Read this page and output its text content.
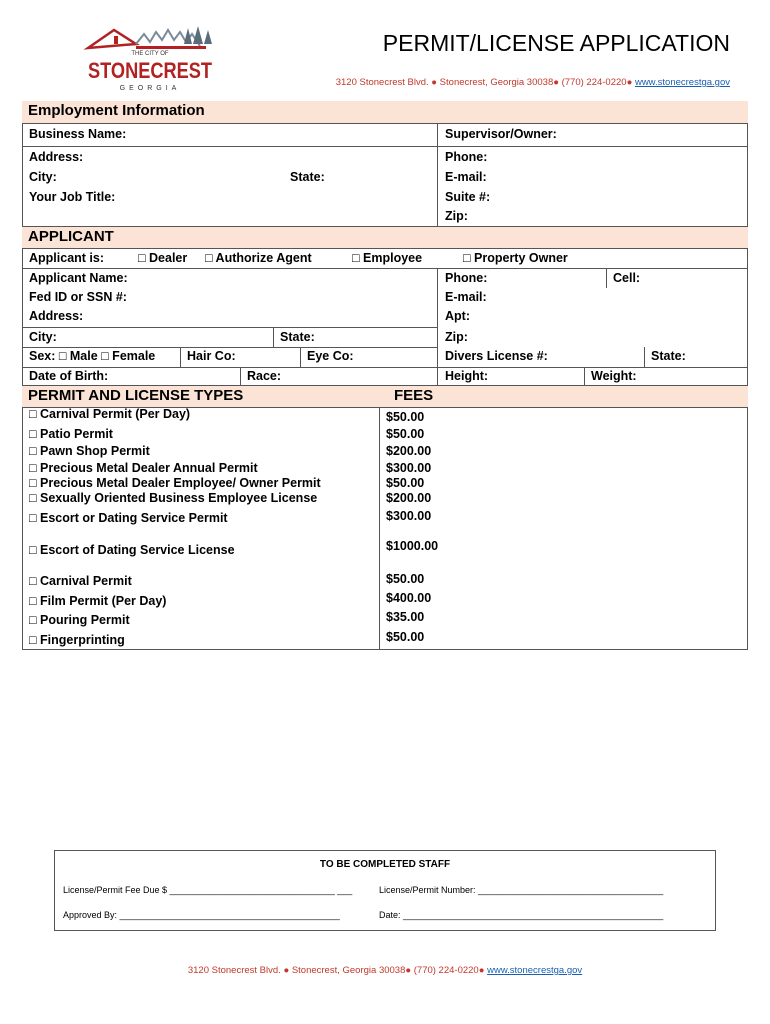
THE CITY OF
STONECREST
GEORGIA
PERMIT/LICENSE APPLICATION
3120 Stonecrest Blvd. ● Stonecrest, Georgia 30038● (770) 224-0220● www.stonecrestga.gov
Employment Information
Business Name:	Supervisor/Owner:
Address:	Phone:
City:	State:	E-mail:
Your Job Title:	Suite #:
Zip:
APPLICANT
Applicant is:	□ Dealer □ Authorize Agent	□ Employee	□ Property Owner
Applicant Name:	Phone:	Cell:
Fed ID or SSN #:	E-mail:
Address:	Apt:
City:	State:	Zip:
Sex: □ Male □ Female	Hair Co:	Eye Co:	Divers License #:	State:
Date of Birth:	Race:	Height:	Weight:
PERMIT AND LICENSE TYPES	FEES
□ Carnival Permit (Per Day)	$50.00
□ Patio Permit	$50.00
□ Pawn Shop Permit	$200.00
□ Precious Metal Dealer Annual Permit	$300.00
□ Precious Metal Dealer Employee/ Owner Permit	$50.00
□ Sexually Oriented Business Employee License	$200.00
□ Escort or Dating Service Permit	$300.00
□ Escort of Dating Service License	$1000.00
□ Carnival Permit	$50.00
□ Film Permit (Per Day)	$400.00
□ Pouring Permit	$35.00
□ Fingerprinting	$50.00
TO BE COMPLETED STAFF
License/Permit Fee Due $ _________________________________ ___	License/Permit Number: _____________________________________
Approved By: ____________________________________________	Date: ____________________________________________________
3120 Stonecrest Blvd. ● Stonecrest, Georgia 30038● (770) 224-0220● www.stonecrestga.gov
